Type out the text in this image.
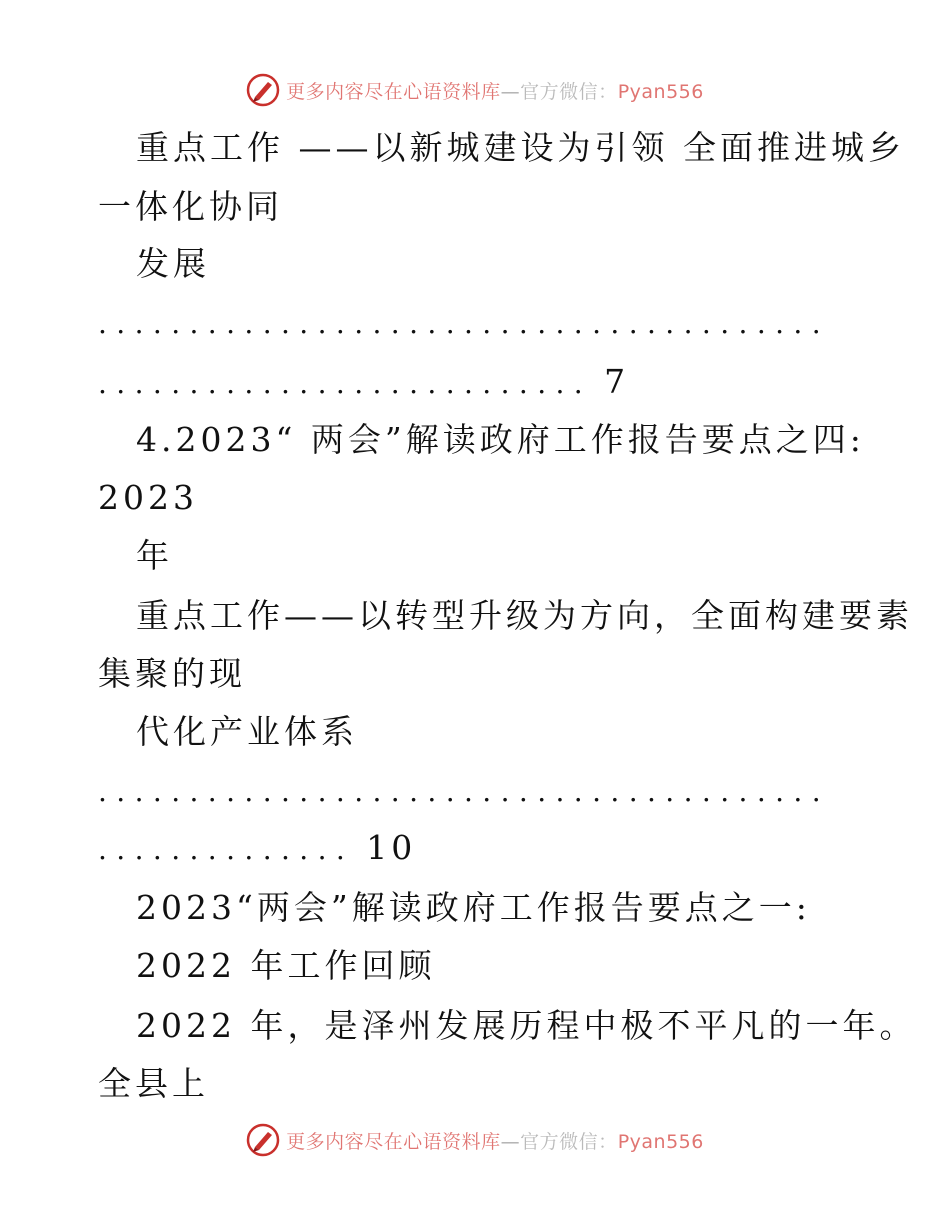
更多内容尽在心语资料库—官方微信：Pyan556
重点工作 ——以新城建设为引领 全面推进城乡
一体化协同
发展
........................................
........................... 7
4.2023“ 两会”解读政府工作报告要点之四:
2023
年
重点工作——以转型升级为方向，全面构建要素
集聚的现
代化产业体系
........................................
.............. 10
2023“两会”解读政府工作报告要点之一:
2022 年工作回顾
2022 年，是泽州发展历程中极不平凡的一年。
全县上
更多内容尽在心语资料库—官方微信：Pyan556
